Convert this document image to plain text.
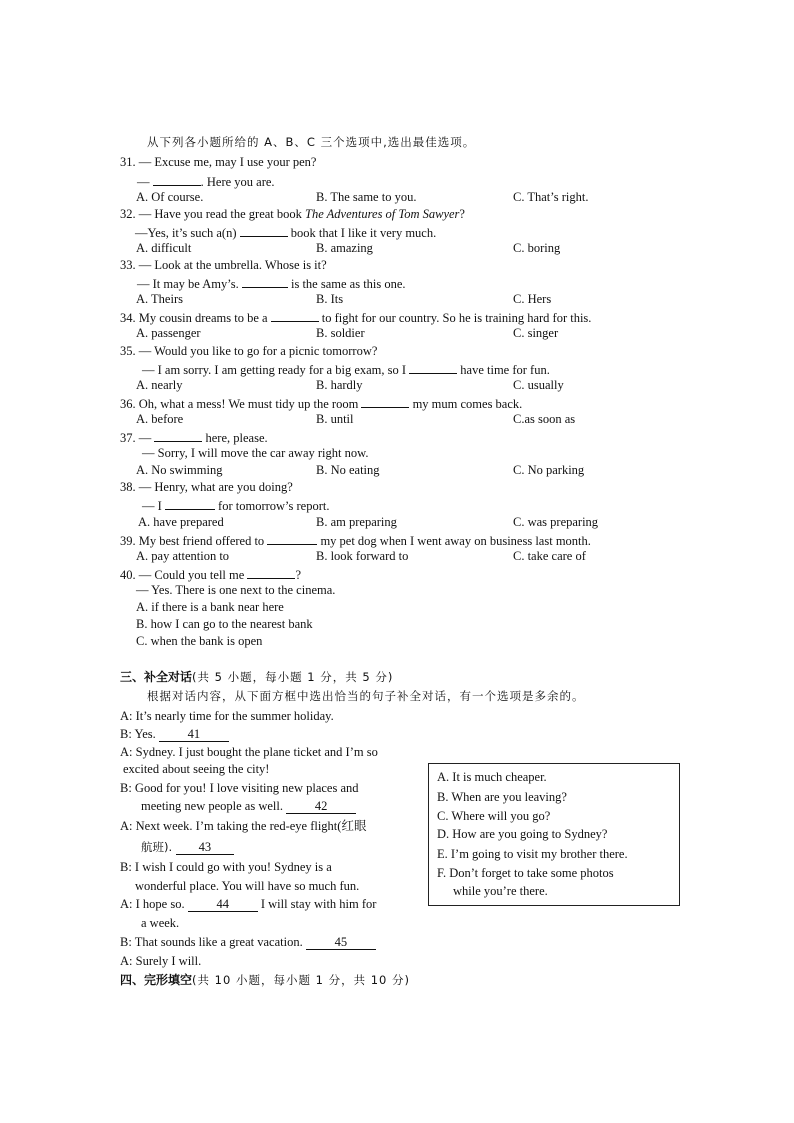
从下列各小题所给的 A、B、C 三个选项中,选出最佳选项。
31. — Excuse me, may I use your pen?
—	. Here you are.
A. Of course.	B. The same to you.	C. That’s right.
32. — Have you read the great book The Adventures of Tom Sawyer?
—Yes, it’s such a(n)	book that I like it very much.
A. difficult	B. amazing	C. boring
33. — Look at the umbrella. Whose is it?
— It may be Amy’s.	is the same as this one.
A. Theirs	B. Its	C. Hers
34. My cousin dreams to be a	to fight for our country. So he is training hard for this.
A. passenger	B. soldier	C. singer
35. — Would you like to go for a picnic tomorrow?
— I am sorry. I am getting ready for a big exam, so I	have time for fun.
A. nearly	B. hardly	C. usually
36. Oh, what a mess! We must tidy up the room	my mum comes back.
A. before	B. until	C.as soon as
37. —	here, please.
— Sorry, I will move the car away right now.
A. No swimming	B. No eating	C. No parking
38. — Henry, what are you doing?
— I	for tomorrow’s report.
A. have prepared	B. am preparing	C. was preparing
39. My best friend offered to	my pet dog when I went away on business last month.
A. pay attention to	B. look forward to	C. take care of
40. — Could you tell me	?
— Yes. There is one next to the cinema.
A. if there is a bank near here
B. how I can go to the nearest bank
C. when the bank is open
三、补全对话(共 5 小题，每小题 1 分，共 5 分)
根据对话内容，从下面方框中选出恰当的句子补全对话，有一个选项是多余的。
A: It’s nearly time for the summer holiday.
B: Yes. 41
A: Sydney. I just bought the plane ticket and I’m so
excited about seeing the city!
B: Good for you! I love visiting new places and
meeting new people as well. 42
A: Next week. I’m taking the red-eye flight(红眼
航班). 43
B: I wish I could go with you! Sydney is a
wonderful place. You will have so much fun.
A: I hope so. 44 I will stay with him for
a week.
B: That sounds like a great vacation. 45
A: Surely I will.
A. It is much cheaper.
B. When are you leaving?
C. Where will you go?
D. How are you going to Sydney?
E. I’m going to visit my brother there.
F. Don’t forget to take some photos
while you’re there.
四、完形填空(共 10 小题，每小题 1 分，共 10 分)
